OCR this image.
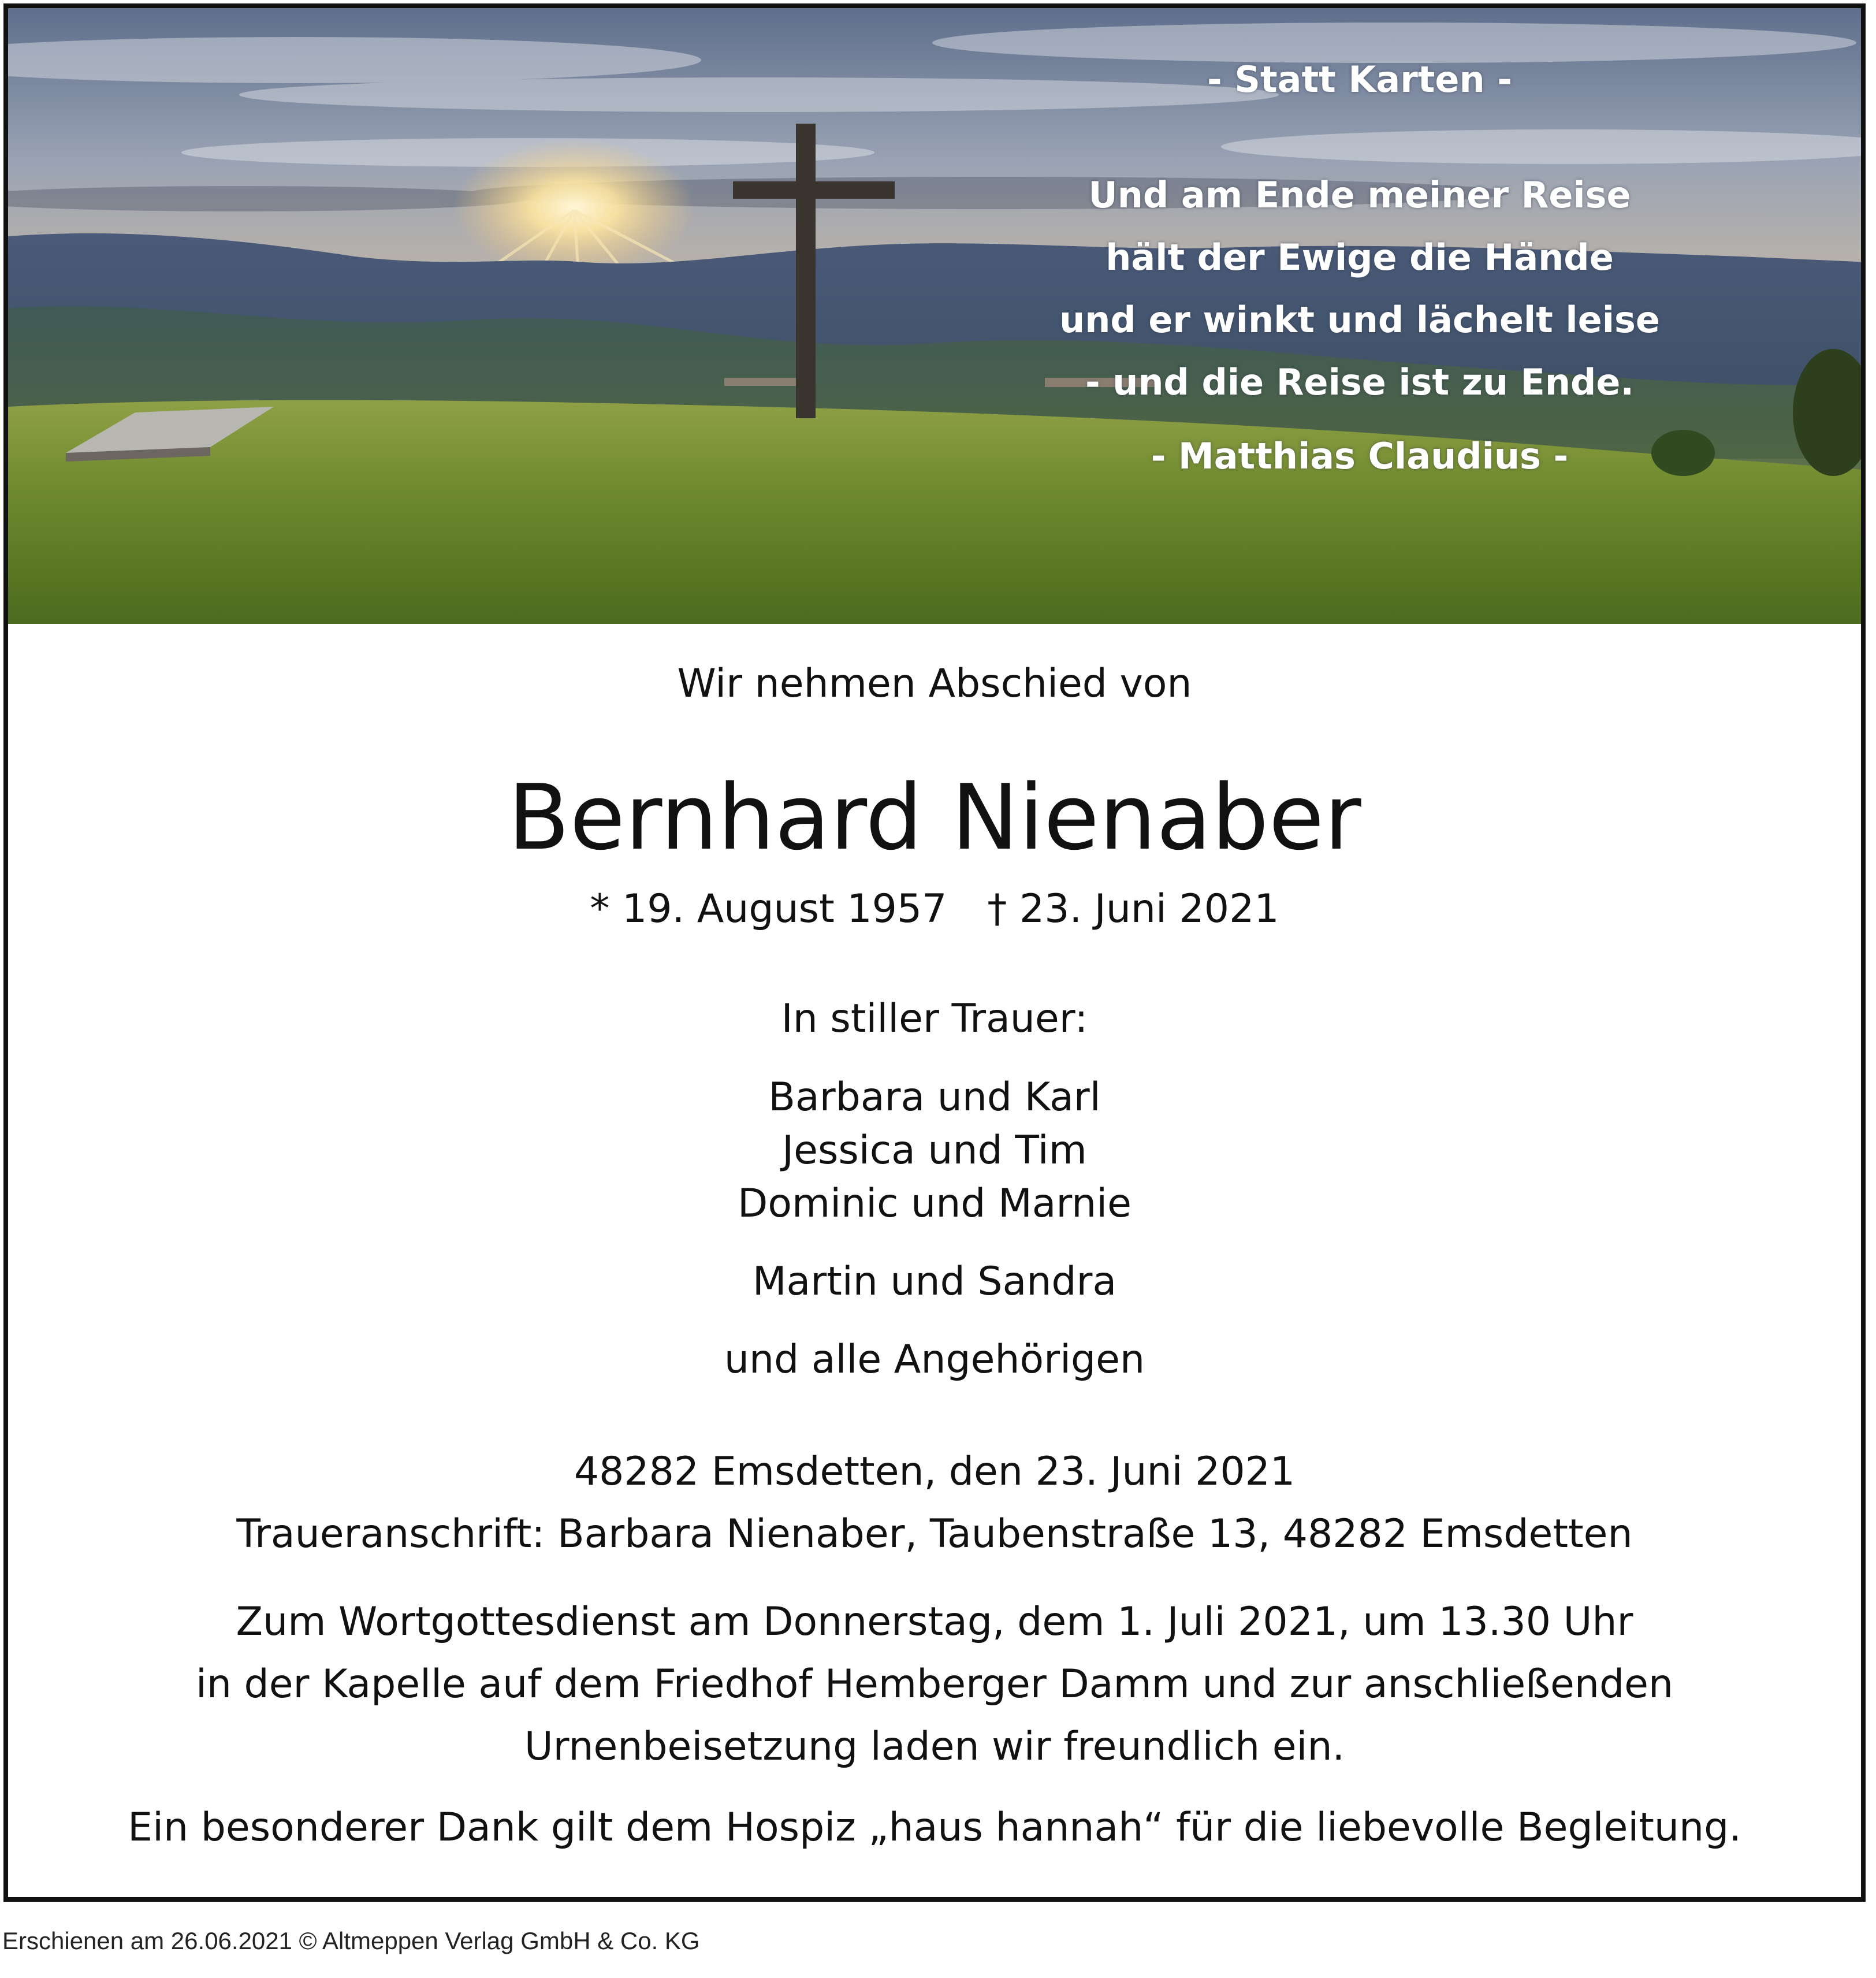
- Statt Karten -
Und am Ende meiner Reise
hält der Ewige die Hände
und er winkt und lächelt leise
- und die Reise ist zu Ende.
- Matthias Claudius -
Wir nehmen Abschied von
Bernhard Nienaber
* 19. August 1957 † 23. Juni 2021
In stiller Trauer:
Barbara und Karl
Jessica und Tim
Dominic und Marnie
Martin und Sandra
und alle Angehörigen
48282 Emsdetten, den 23. Juni 2021
Traueranschrift: Barbara Nienaber, Taubenstraße 13, 48282 Emsdetten
Zum Wortgottesdienst am Donnerstag, dem 1. Juli 2021, um 13.30 Uhr
in der Kapelle auf dem Friedhof Hemberger Damm und zur anschließenden
Urnenbeisetzung laden wir freundlich ein.
Ein besonderer Dank gilt dem Hospiz „haus hannah“ für die liebevolle Begleitung.
Erschienen am 26.06.2021 © Altmeppen Verlag GmbH & Co. KG
